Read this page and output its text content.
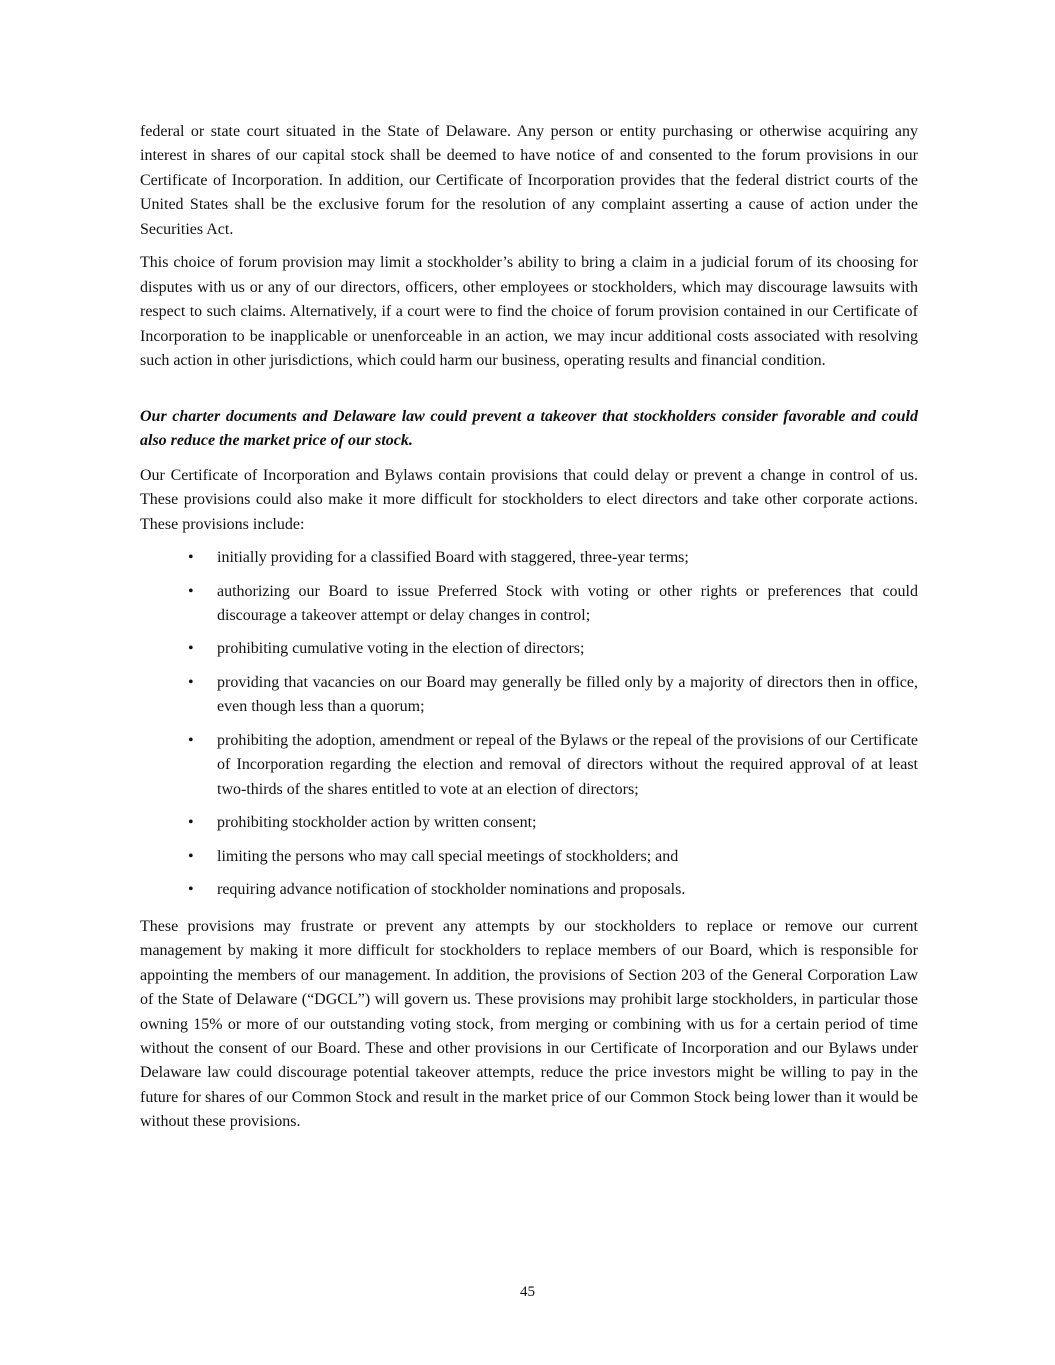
federal or state court situated in the State of Delaware. Any person or entity purchasing or otherwise acquiring any interest in shares of our capital stock shall be deemed to have notice of and consented to the forum provisions in our Certificate of Incorporation. In addition, our Certificate of Incorporation provides that the federal district courts of the United States shall be the exclusive forum for the resolution of any complaint asserting a cause of action under the Securities Act.

This choice of forum provision may limit a stockholder’s ability to bring a claim in a judicial forum of its choosing for disputes with us or any of our directors, officers, other employees or stockholders, which may discourage lawsuits with respect to such claims. Alternatively, if a court were to find the choice of forum provision contained in our Certificate of Incorporation to be inapplicable or unenforceable in an action, we may incur additional costs associated with resolving such action in other jurisdictions, which could harm our business, operating results and financial condition.

Our charter documents and Delaware law could prevent a takeover that stockholders consider favorable and could also reduce the market price of our stock.

Our Certificate of Incorporation and Bylaws contain provisions that could delay or prevent a change in control of us. These provisions could also make it more difficult for stockholders to elect directors and take other corporate actions. These provisions include:

•	initially providing for a classified Board with staggered, three-year terms;
•	authorizing our Board to issue Preferred Stock with voting or other rights or preferences that could discourage a takeover attempt or delay changes in control;
•	prohibiting cumulative voting in the election of directors;
•	providing that vacancies on our Board may generally be filled only by a majority of directors then in office, even though less than a quorum;
•	prohibiting the adoption, amendment or repeal of the Bylaws or the repeal of the provisions of our Certificate of Incorporation regarding the election and removal of directors without the required approval of at least two-thirds of the shares entitled to vote at an election of directors;
•	prohibiting stockholder action by written consent;
•	limiting the persons who may call special meetings of stockholders; and
•	requiring advance notification of stockholder nominations and proposals.

These provisions may frustrate or prevent any attempts by our stockholders to replace or remove our current management by making it more difficult for stockholders to replace members of our Board, which is responsible for appointing the members of our management. In addition, the provisions of Section 203 of the General Corporation Law of the State of Delaware (“DGCL”) will govern us. These provisions may prohibit large stockholders, in particular those owning 15% or more of our outstanding voting stock, from merging or combining with us for a certain period of time without the consent of our Board. These and other provisions in our Certificate of Incorporation and our Bylaws under Delaware law could discourage potential takeover attempts, reduce the price investors might be willing to pay in the future for shares of our Common Stock and result in the market price of our Common Stock being lower than it would be without these provisions.

45
